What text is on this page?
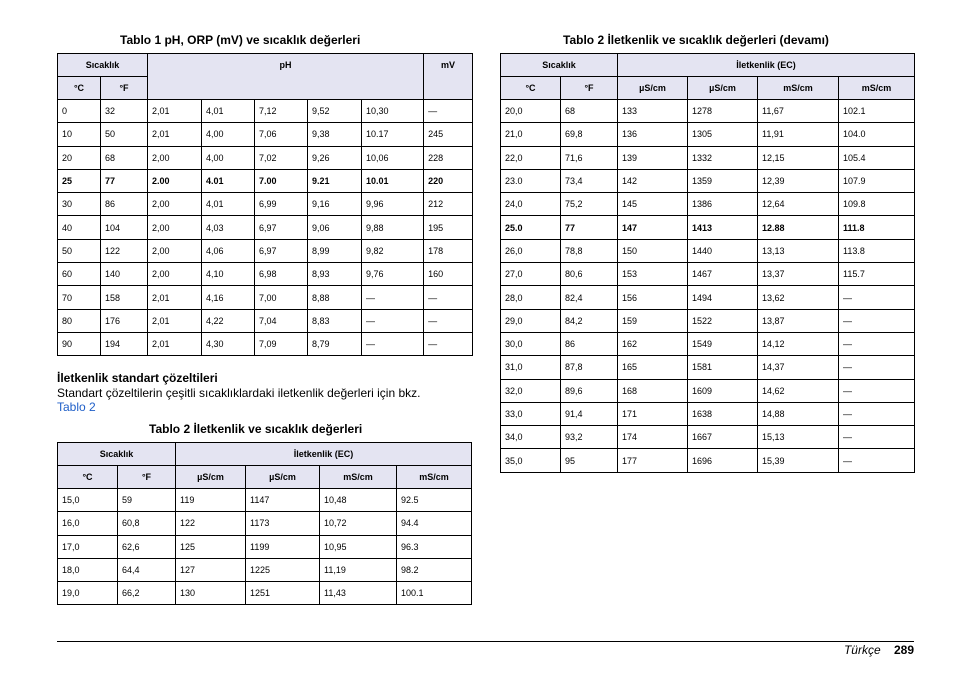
Tablo 1 pH, ORP (mV) ve sıcaklık değerleri
Sıcaklık		pH					mV
°C	°F						
0	32	2,01	4,01	7,12	9,52	10,30	—
10	50	2,01	4,00	7,06	9,38	10.17	245
20	68	2,00	4,00	7,02	9,26	10,06	228
25	77	2.00	4.01	7.00	9.21	10.01	220
30	86	2,00	4,01	6,99	9,16	9,96	212
40	104	2,00	4,03	6,97	9,06	9,88	195
50	122	2,00	4,06	6,97	8,99	9,82	178
60	140	2,00	4,10	6,98	8,93	9,76	160
70	158	2,01	4,16	7,00	8,88	—	—
80	176	2,01	4,22	7,04	8,83	—	—
90	194	2,01	4,30	7,09	8,79	—	—
İletkenlik standart çözeltileri
Standart çözeltilerin çeşitli sıcaklıklardaki iletkenlik değerleri için bkz.
Tablo 2
Tablo 2 İletkenlik ve sıcaklık değerleri
Sıcaklık		İletkenlik (EC)			
°C	°F	µS/cm	µS/cm	mS/cm	mS/cm
15,0	59	119	1147	10,48	92.5
16,0	60,8	122	1173	10,72	94.4
17,0	62,6	125	1199	10,95	96.3
18,0	64,4	127	1225	11,19	98.2
19,0	66,2	130	1251	11,43	100.1
Tablo 2 İletkenlik ve sıcaklık değerleri (devamı)
Sıcaklık		İletkenlik (EC)			
°C	°F	µS/cm	µS/cm	mS/cm	mS/cm
20,0	68	133	1278	11,67	102.1
21,0	69,8	136	1305	11,91	104.0
22,0	71,6	139	1332	12,15	105.4
23.0	73,4	142	1359	12,39	107.9
24,0	75,2	145	1386	12,64	109.8
25.0	77	147	1413	12.88	111.8
26,0	78,8	150	1440	13,13	113.8
27,0	80,6	153	1467	13,37	115.7
28,0	82,4	156	1494	13,62	—
29,0	84,2	159	1522	13,87	—
30,0	86	162	1549	14,12	—
31,0	87,8	165	1581	14,37	—
32,0	89,6	168	1609	14,62	—
33,0	91,4	171	1638	14,88	—
34,0	93,2	174	1667	15,13	—
35,0	95	177	1696	15,39	—
Türkçe 289
